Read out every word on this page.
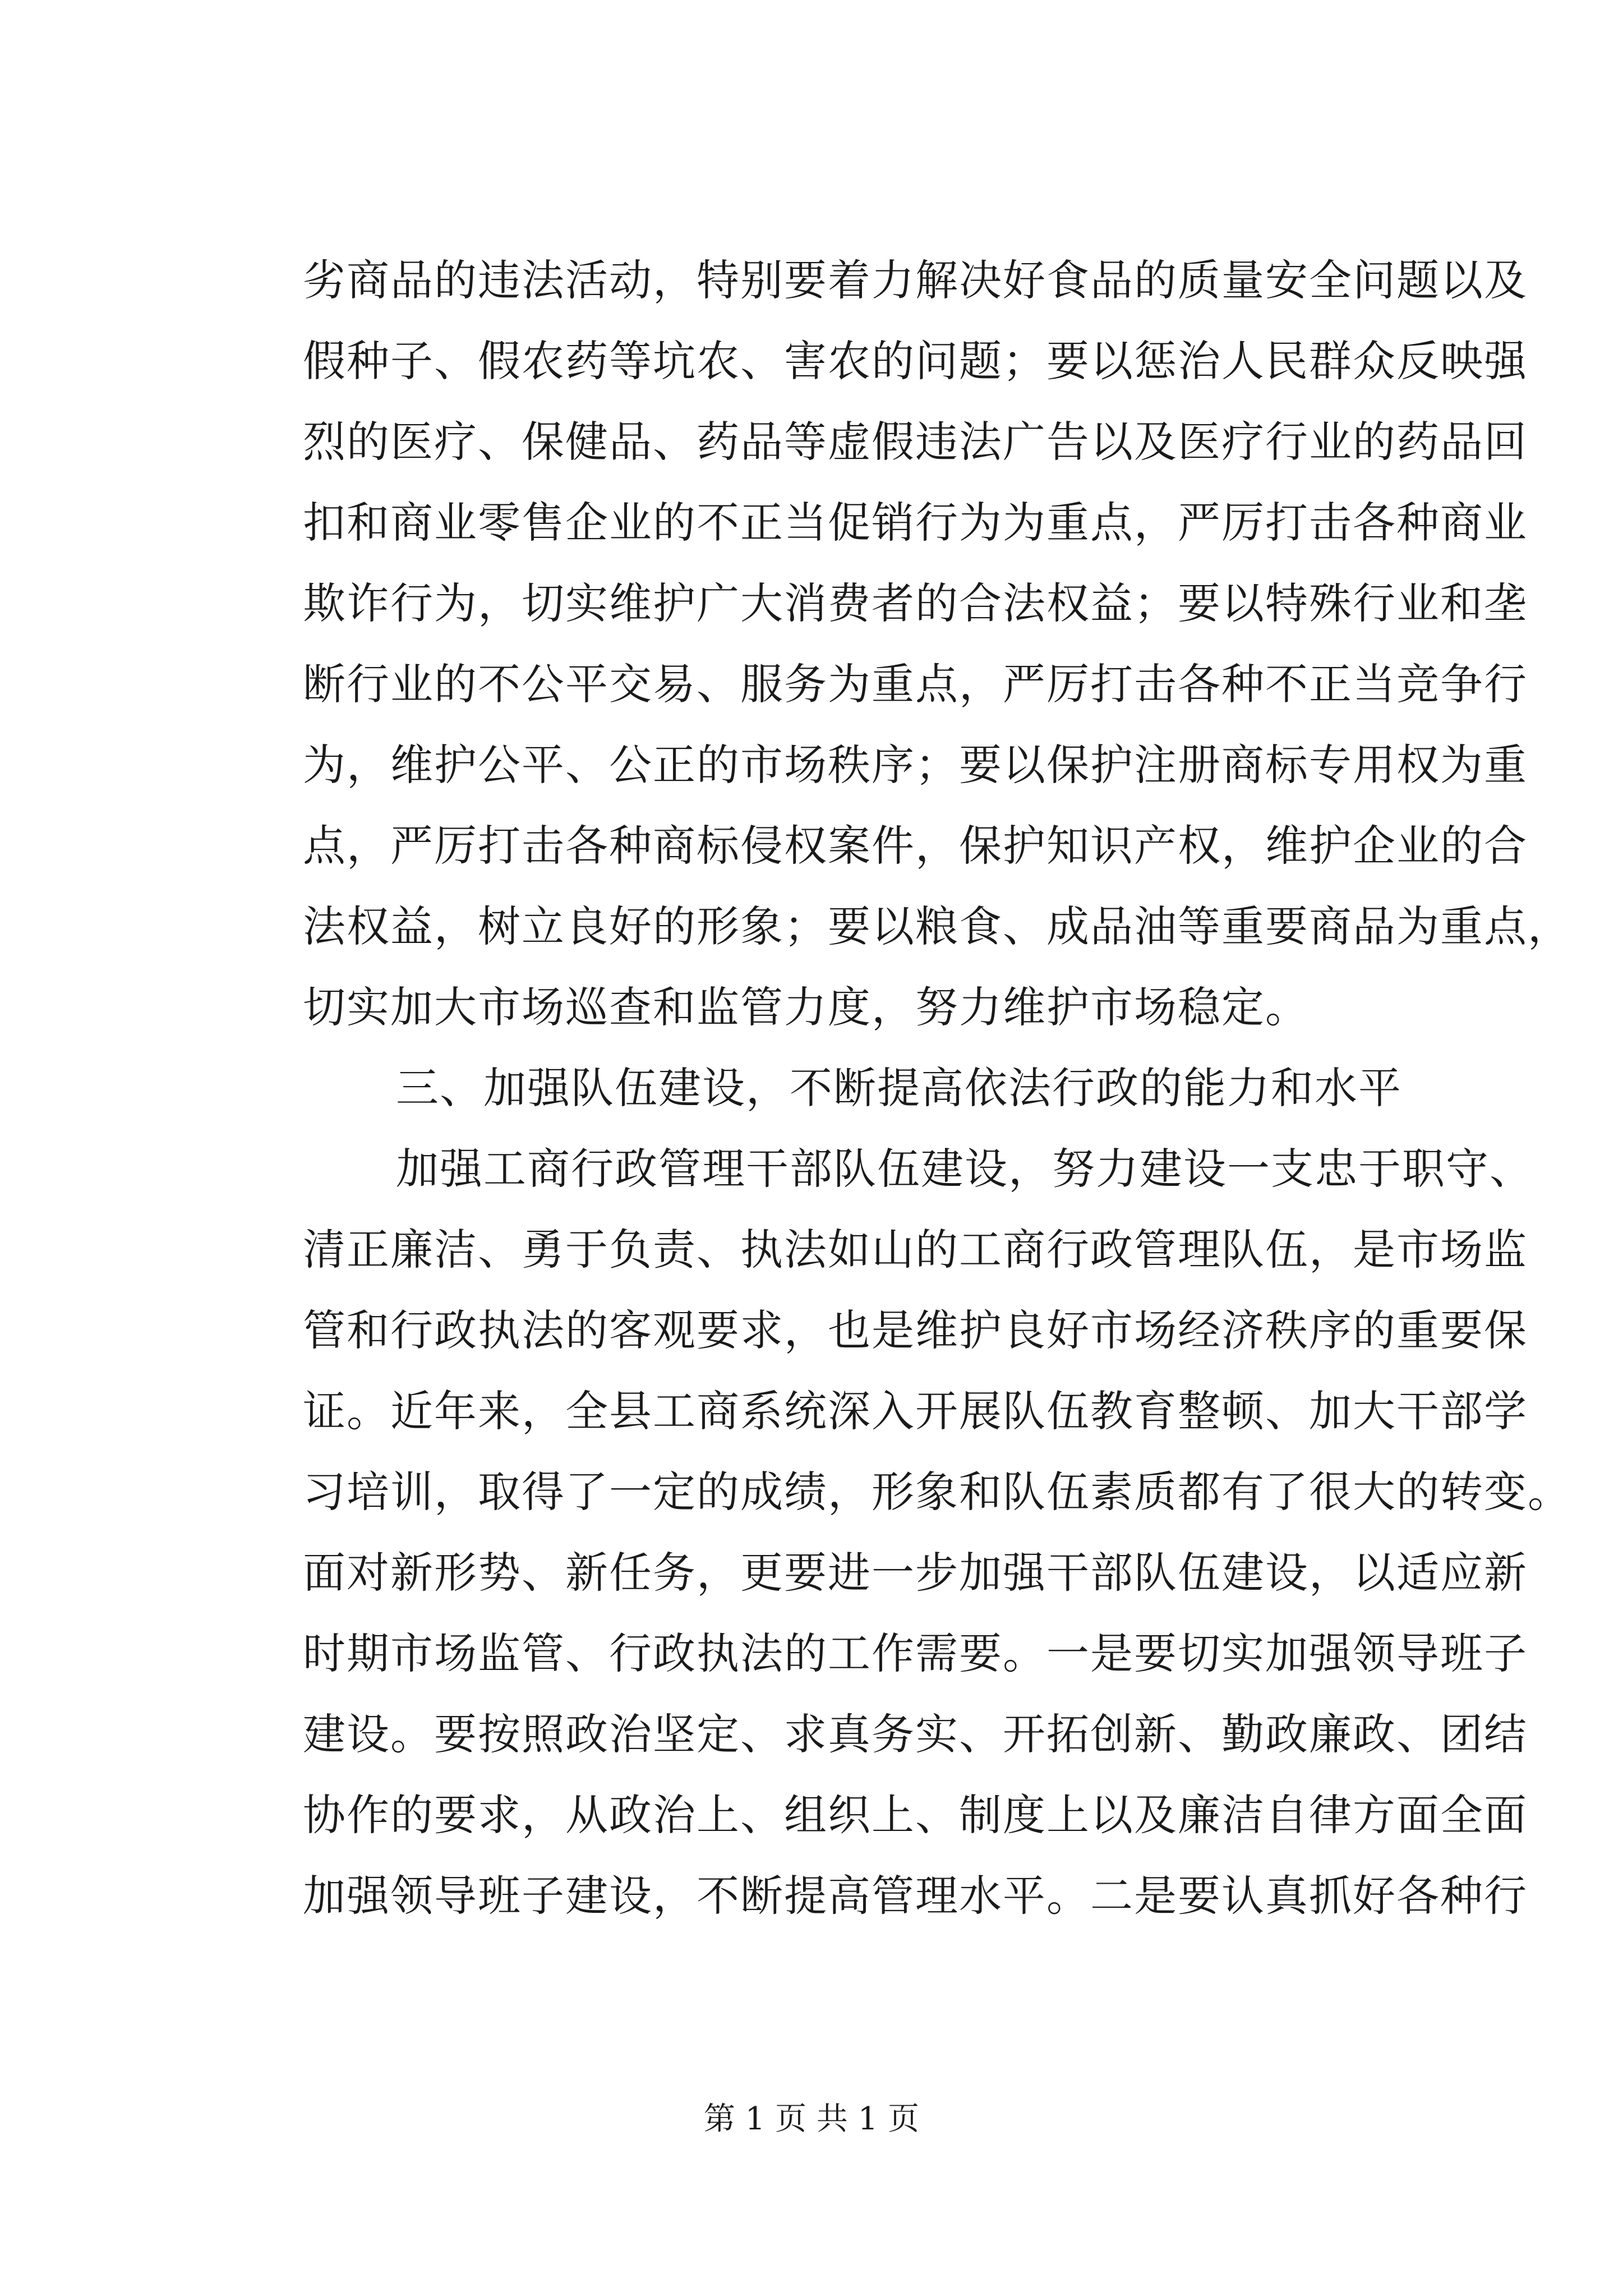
劣商品的违法活动，特别要着力解决好食品的质量安全问题以及
假种子、假农药等坑农、害农的问题；要以惩治人民群众反映强
烈的医疗、保健品、药品等虚假违法广告以及医疗行业的药品回
扣和商业零售企业的不正当促销行为为重点，严厉打击各种商业
欺诈行为，切实维护广大消费者的合法权益；要以特殊行业和垄
断行业的不公平交易、服务为重点，严厉打击各种不正当竞争行
为，维护公平、公正的市场秩序；要以保护注册商标专用权为重
点，严厉打击各种商标侵权案件，保护知识产权，维护企业的合
法权益，树立良好的形象；要以粮食、成品油等重要商品为重点，
切实加大市场巡查和监管力度，努力维护市场稳定。
三、加强队伍建设，不断提高依法行政的能力和水平
加强工商行政管理干部队伍建设，努力建设一支忠于职守、
清正廉洁、勇于负责、执法如山的工商行政管理队伍，是市场监
管和行政执法的客观要求，也是维护良好市场经济秩序的重要保
证。近年来，全县工商系统深入开展队伍教育整顿、加大干部学
习培训，取得了一定的成绩，形象和队伍素质都有了很大的转变。
面对新形势、新任务，更要进一步加强干部队伍建设，以适应新
时期市场监管、行政执法的工作需要。一是要切实加强领导班子
建设。要按照政治坚定、求真务实、开拓创新、勤政廉政、团结
协作的要求，从政治上、组织上、制度上以及廉洁自律方面全面
加强领导班子建设，不断提高管理水平。二是要认真抓好各种行
第 1 页 共 1 页
